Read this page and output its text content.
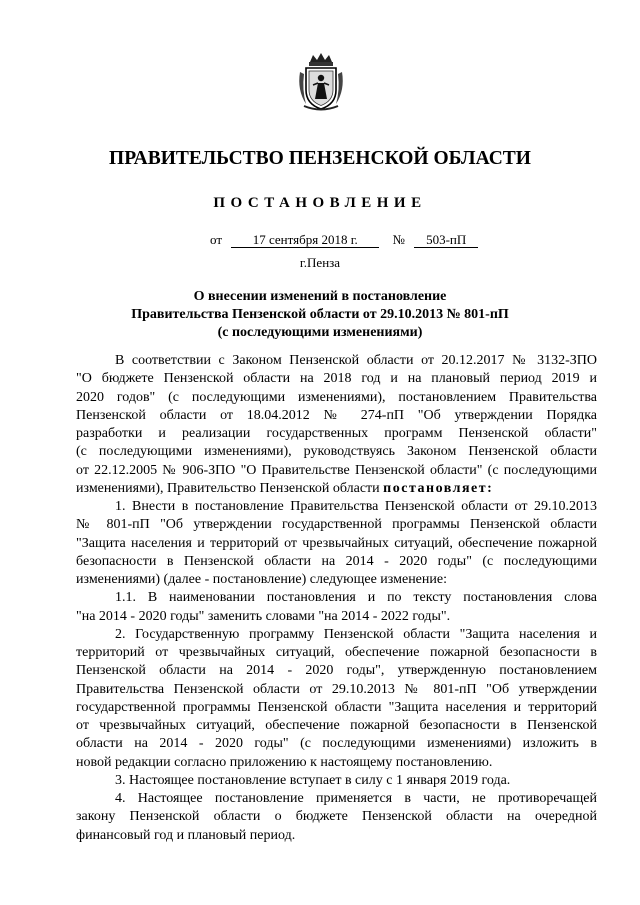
ПРАВИТЕЛЬСТВО ПЕНЗЕНСКОЙ ОБЛАСТИ
ПОСТАНОВЛЕНИЕ
от 17 сентября 2018 г.	№ 503-пП
г.Пенза
О внесении изменений в постановление
Правительства Пензенской области от 29.10.2013 № 801-пП
(с последующими изменениями)
В соответствии с Законом Пензенской области от 20.12.2017 № 3132-ЗПО
"О бюджете Пензенской области на 2018 год и на плановый период 2019 и
2020 годов" (с последующими изменениями), постановлением Правительства
Пензенской области от 18.04.2012 № 274-пП "Об утверждении Порядка
разработки и реализации государственных программ Пензенской области"
(с последующими изменениями), руководствуясь Законом Пензенской области
от 22.12.2005 № 906-ЗПО "О Правительстве Пензенской области" (с последующими
изменениями), Правительство Пензенской области постановляет:
1. Внести в постановление Правительства Пензенской области от 29.10.2013
№ 801-пП "Об утверждении государственной программы Пензенской области
"Защита населения и территорий от чрезвычайных ситуаций, обеспечение пожарной
безопасности в Пензенской области на 2014 - 2020 годы" (с последующими
изменениями) (далее - постановление) следующее изменение:
1.1. В наименовании постановления и по тексту постановления слова
"на 2014 - 2020 годы" заменить словами "на 2014 - 2022 годы".
2. Государственную программу Пензенской области "Защита населения и
территорий от чрезвычайных ситуаций, обеспечение пожарной безопасности в
Пензенской области на 2014 - 2020 годы", утвержденную постановлением
Правительства Пензенской области от 29.10.2013 № 801-пП "Об утверждении
государственной программы Пензенской области "Защита населения и территорий
от чрезвычайных ситуаций, обеспечение пожарной безопасности в Пензенской
области на 2014 - 2020 годы" (с последующими изменениями) изложить в
новой редакции согласно приложению к настоящему постановлению.
3. Настоящее постановление вступает в силу с 1 января 2019 года.
4. Настоящее постановление применяется в части, не противоречащей
закону Пензенской области о бюджете Пензенской области на очередной
финансовый год и плановый период.
